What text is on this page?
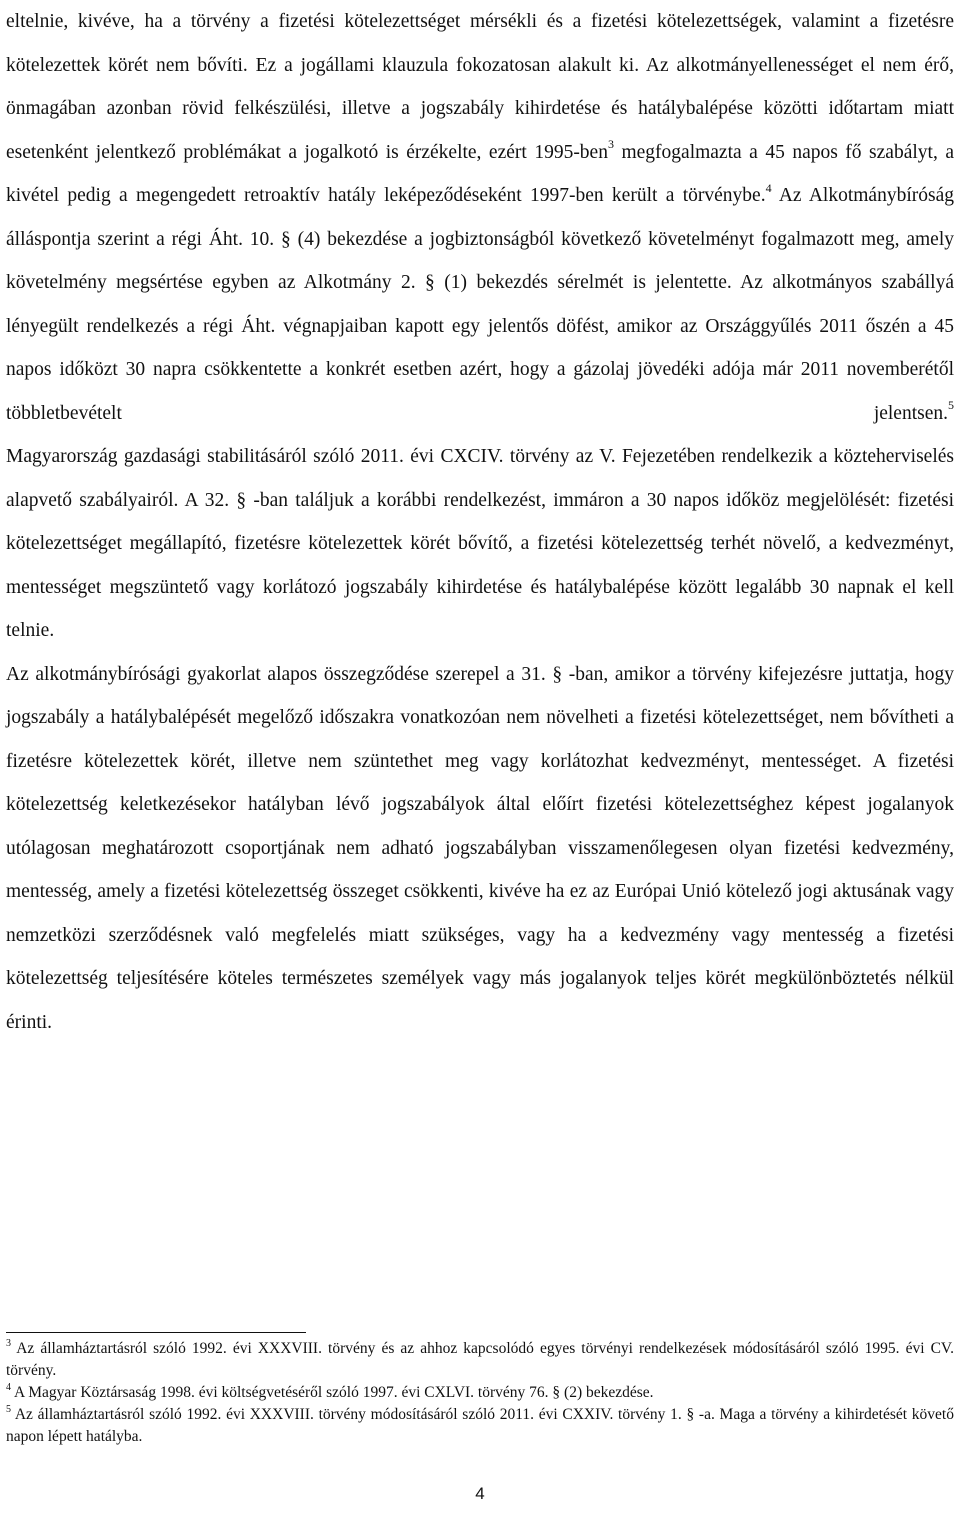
eltelnie, kivéve, ha a törvény a fizetési kötelezettséget mérsékli és a fizetési kötelezettségek, valamint a fizetésre kötelezettek körét nem bővíti. Ez a jogállami klauzula fokozatosan alakult ki. Az alkotmányellenességet el nem érő, önmagában azonban rövid felkészülési, illetve a jogszabály kihirdetése és hatálybalépése közötti időtartam miatt esetenként jelentkező problémákat a jogalkotó is érzékelte, ezért 1995-ben$^3$ megfogalmazta a 45 napos fő szabályt, a kivétel pedig a megengedett retroaktív hatály leképeződéseként 1997-ben került a törvénybe.$^4$ Az Alkotmánybíróság álláspontja szerint a régi Áht. 10. § (4) bekezdése a jogbiztonságból következő követelményt fogalmazott meg, amely követelmény megsértése egyben az Alkotmány 2. § (1) bekezdés sérelmét is jelentette. Az alkotmányos szabállyá lényegült rendelkezés a régi Áht. végnapjaiban kapott egy jelentős döfést, amikor az Országgyűlés 2011 őszén a 45 napos időközt 30 napra csökkentette a konkrét esetben azért, hogy a gázolaj jövedéki adója már 2011 novemberétől többletbevételt jelentsen.$^5$

Magyarország gazdasági stabilitásáról szóló 2011. évi CXCIV. törvény az V. Fejezetében rendelkezik a közteherviselés alapvető szabályairól. A 32. § -ban találjuk a korábbi rendelkezést, immáron a 30 napos időköz megjelölését: fizetési kötelezettséget megállapító, fizetésre kötelezettek körét bővítő, a fizetési kötelezettség terhét növelő, a kedvezményt, mentességet megszüntető vagy korlátozó jogszabály kihirdetése és hatálybalépése között legalább 30 napnak el kell telnie.

Az alkotmánybírósági gyakorlat alapos összegződése szerepel a 31. § -ban, amikor a törvény kifejezésre juttatja, hogy jogszabály a hatálybalépését megelőző időszakra vonatkozóan nem növelheti a fizetési kötelezettséget, nem bővítheti a fizetésre kötelezettek körét, illetve nem szüntethet meg vagy korlátozhat kedvezményt, mentességet. A fizetési kötelezettség keletkezésekor hatályban lévő jogszabályok által előírt fizetési kötelezettséghez képest jogalanyok utólagosan meghatározott csoportjának nem adható jogszabályban visszamenőlegesen olyan fizetési kedvezmény, mentesség, amely a fizetési kötelezettség összeget csökkenti, kivéve ha ez az Európai Unió kötelező jogi aktusának vagy nemzetközi szerződésnek való megfelelés miatt szükséges, vagy ha a kedvezmény vagy mentesség a fizetési kötelezettség teljesítésére köteles természetes személyek vagy más jogalanyok teljes körét megkülönböztetés nélkül érinti.

$^3$ Az államháztartásról szóló 1992. évi XXXVIII. törvény és az ahhoz kapcsolódó egyes törvényi rendelkezések módosításáról szóló 1995. évi CV. törvény.

$^4$ A Magyar Köztársaság 1998. évi költségvetéséről szóló 1997. évi CXLVI. törvény 76. § (2) bekezdése.

$^5$ Az államháztartásról szóló 1992. évi XXXVIII. törvény módosításáról szóló 2011. évi CXXIV. törvény 1. § -a. Maga a törvény a kihirdetését követő napon lépett hatályba.

4
